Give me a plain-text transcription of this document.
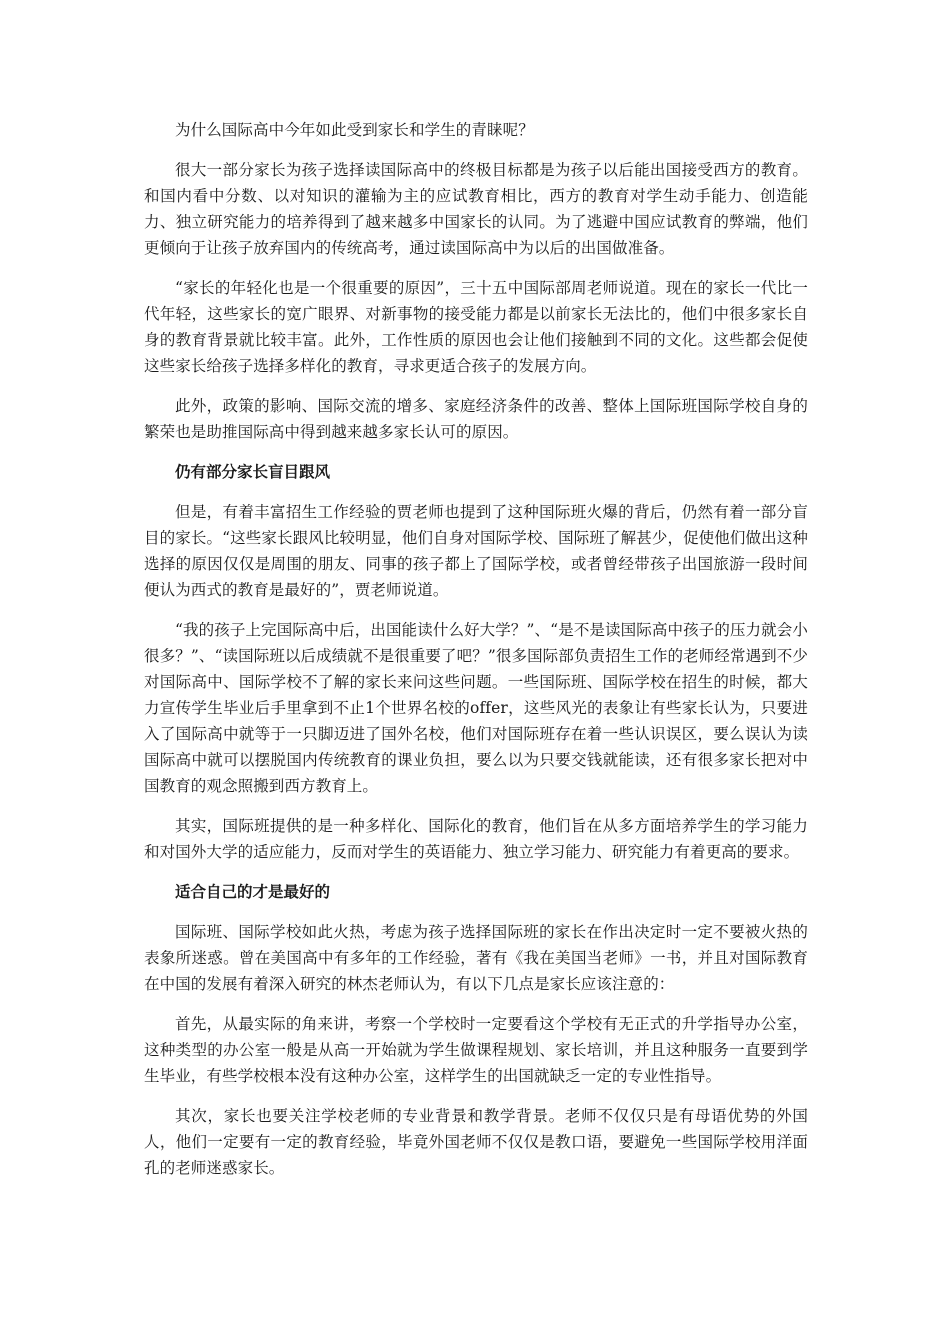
为什么国际高中今年如此受到家长和学生的青睐呢？

很大一部分家长为孩子选择读国际高中的终极目标都是为孩子以后能出国接受西方的教育。和国内看中分数、以对知识的灌输为主的应试教育相比，西方的教育对学生动手能力、创造能力、独立研究能力的培养得到了越来越多中国家长的认同。为了逃避中国应试教育的弊端，他们更倾向于让孩子放弃国内的传统高考，通过读国际高中为以后的出国做准备。

“家长的年轻化也是一个很重要的原因”，三十五中国际部周老师说道。现在的家长一代比一代年轻，这些家长的宽广眼界、对新事物的接受能力都是以前家长无法比的，他们中很多家长自身的教育背景就比较丰富。此外，工作性质的原因也会让他们接触到不同的文化。这些都会促使这些家长给孩子选择多样化的教育，寻求更适合孩子的发展方向。

此外，政策的影响、国际交流的增多、家庭经济条件的改善、整体上国际班国际学校自身的繁荣也是助推国际高中得到越来越多家长认可的原因。

仍有部分家长盲目跟风

但是，有着丰富招生工作经验的贾老师也提到了这种国际班火爆的背后，仍然有着一部分盲目的家长。“这些家长跟风比较明显，他们自身对国际学校、国际班了解甚少，促使他们做出这种选择的原因仅仅是周围的朋友、同事的孩子都上了国际学校，或者曾经带孩子出国旅游一段时间便认为西式的教育是最好的”，贾老师说道。

“我的孩子上完国际高中后，出国能读什么好大学？”、“是不是读国际高中孩子的压力就会小很多？”、“读国际班以后成绩就不是很重要了吧？”很多国际部负责招生工作的老师经常遇到不少对国际高中、国际学校不了解的家长来问这些问题。一些国际班、国际学校在招生的时候，都大力宣传学生毕业后手里拿到不止1个世界名校的offer，这些风光的表象让有些家长认为，只要进入了国际高中就等于一只脚迈进了国外名校，他们对国际班存在着一些认识误区，要么误认为读国际高中就可以摆脱国内传统教育的课业负担，要么以为只要交钱就能读，还有很多家长把对中国教育的观念照搬到西方教育上。

其实，国际班提供的是一种多样化、国际化的教育，他们旨在从多方面培养学生的学习能力和对国外大学的适应能力，反而对学生的英语能力、独立学习能力、研究能力有着更高的要求。

适合自己的才是最好的

国际班、国际学校如此火热，考虑为孩子选择国际班的家长在作出决定时一定不要被火热的表象所迷惑。曾在美国高中有多年的工作经验，著有《我在美国当老师》一书，并且对国际教育在中国的发展有着深入研究的林杰老师认为，有以下几点是家长应该注意的：

首先，从最实际的角来讲，考察一个学校时一定要看这个学校有无正式的升学指导办公室，这种类型的办公室一般是从高一开始就为学生做课程规划、家长培训，并且这种服务一直要到学生毕业，有些学校根本没有这种办公室，这样学生的出国就缺乏一定的专业性指导。

其次，家长也要关注学校老师的专业背景和教学背景。老师不仅仅只是有母语优势的外国人，他们一定要有一定的教育经验，毕竟外国老师不仅仅是教口语，要避免一些国际学校用洋面孔的老师迷惑家长。
